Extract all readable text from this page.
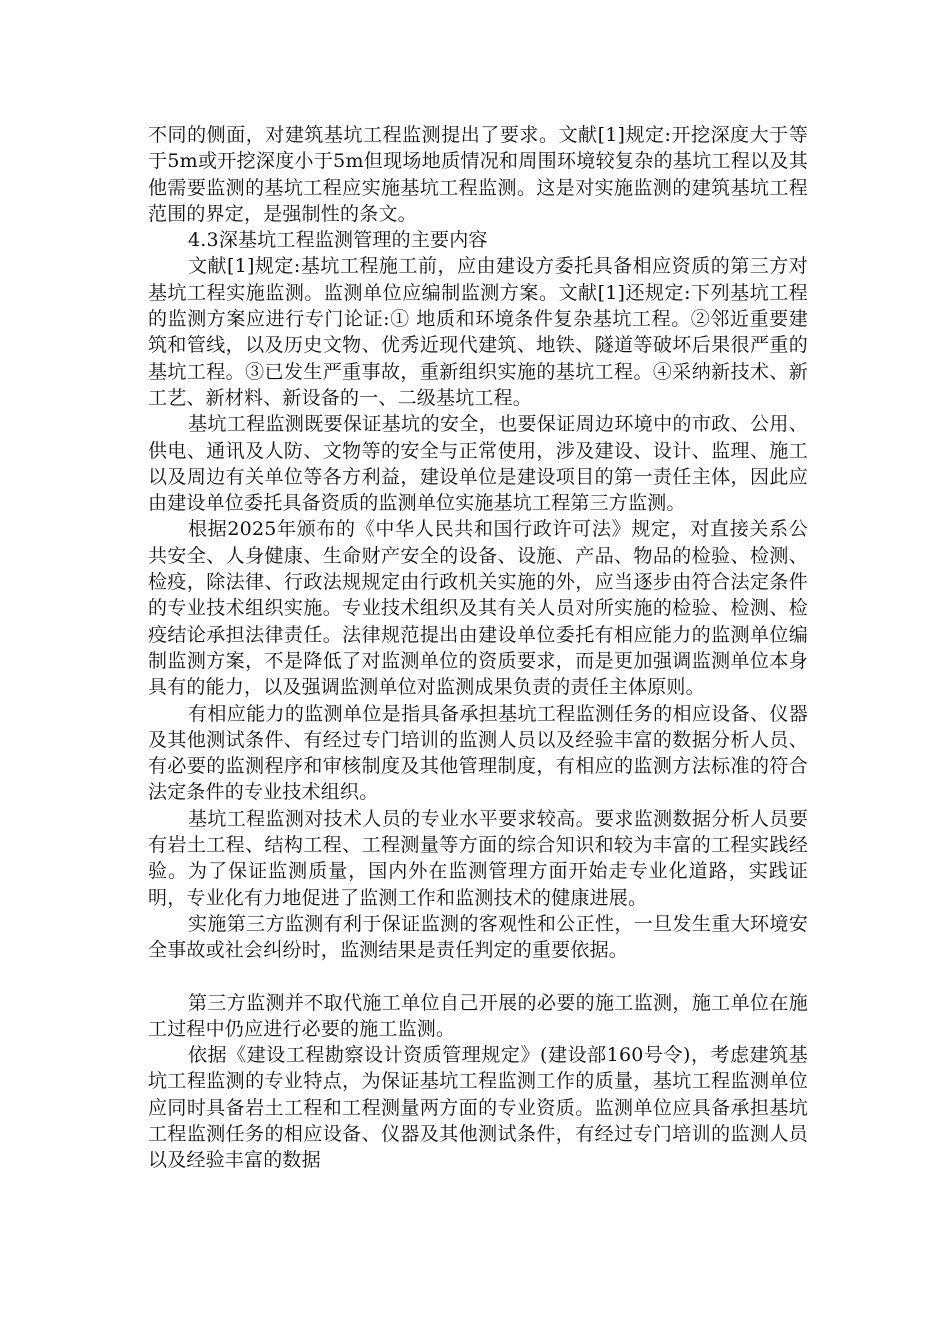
不同的侧面，对建筑基坑工程监测提出了要求。文献[1]规定:开挖深度大于等于5m或开挖深度小于5m但现场地质情况和周围环境较复杂的基坑工程以及其他需要监测的基坑工程应实施基坑工程监测。这是对实施监测的建筑基坑工程范围的界定，是强制性的条文。

4.3深基坑工程监测管理的主要内容

文献[1]规定:基坑工程施工前，应由建设方委托具备相应资质的第三方对基坑工程实施监测。监测单位应编制监测方案。文献[1]还规定:下列基坑工程的监测方案应进行专门论证:① 地质和环境条件复杂基坑工程。②邻近重要建筑和管线，以及历史文物、优秀近现代建筑、地铁、隧道等破坏后果很严重的基坑工程。③已发生严重事故，重新组织实施的基坑工程。④采纳新技术、新工艺、新材料、新设备的一、二级基坑工程。

基坑工程监测既要保证基坑的安全，也要保证周边环境中的市政、公用、供电、通讯及人防、文物等的安全与正常使用，涉及建设、设计、监理、施工以及周边有关单位等各方利益，建设单位是建设项目的第一责任主体，因此应由建设单位委托具备资质的监测单位实施基坑工程第三方监测。

根据2025年颁布的《中华人民共和国行政许可法》规定，对直接关系公共安全、人身健康、生命财产安全的设备、设施、产品、物品的检验、检测、检疫，除法律、行政法规规定由行政机关实施的外，应当逐步由符合法定条件的专业技术组织实施。专业技术组织及其有关人员对所实施的检验、检测、检疫结论承担法律责任。法律规范提出由建设单位委托有相应能力的监测单位编制监测方案，不是降低了对监测单位的资质要求，而是更加强调监测单位本身具有的能力，以及强调监测单位对监测成果负责的责任主体原则。

有相应能力的监测单位是指具备承担基坑工程监测任务的相应设备、仪器及其他测试条件、有经过专门培训的监测人员以及经验丰富的数据分析人员、有必要的监测程序和审核制度及其他管理制度，有相应的监测方法标准的符合法定条件的专业技术组织。

基坑工程监测对技术人员的专业水平要求较高。要求监测数据分析人员要有岩土工程、结构工程、工程测量等方面的综合知识和较为丰富的工程实践经验。为了保证监测质量，国内外在监测管理方面开始走专业化道路，实践证明，专业化有力地促进了监测工作和监测技术的健康进展。

实施第三方监测有利于保证监测的客观性和公正性，一旦发生重大环境安全事故或社会纠纷时，监测结果是责任判定的重要依据。

第三方监测并不取代施工单位自己开展的必要的施工监测，施工单位在施工过程中仍应进行必要的施工监测。

依据《建设工程勘察设计资质管理规定》(建设部160号令)，考虑建筑基坑工程监测的专业特点，为保证基坑工程监测工作的质量，基坑工程监测单位应同时具备岩土工程和工程测量两方面的专业资质。监测单位应具备承担基坑工程监测任务的相应设备、仪器及其他测试条件，有经过专门培训的监测人员以及经验丰富的数据
